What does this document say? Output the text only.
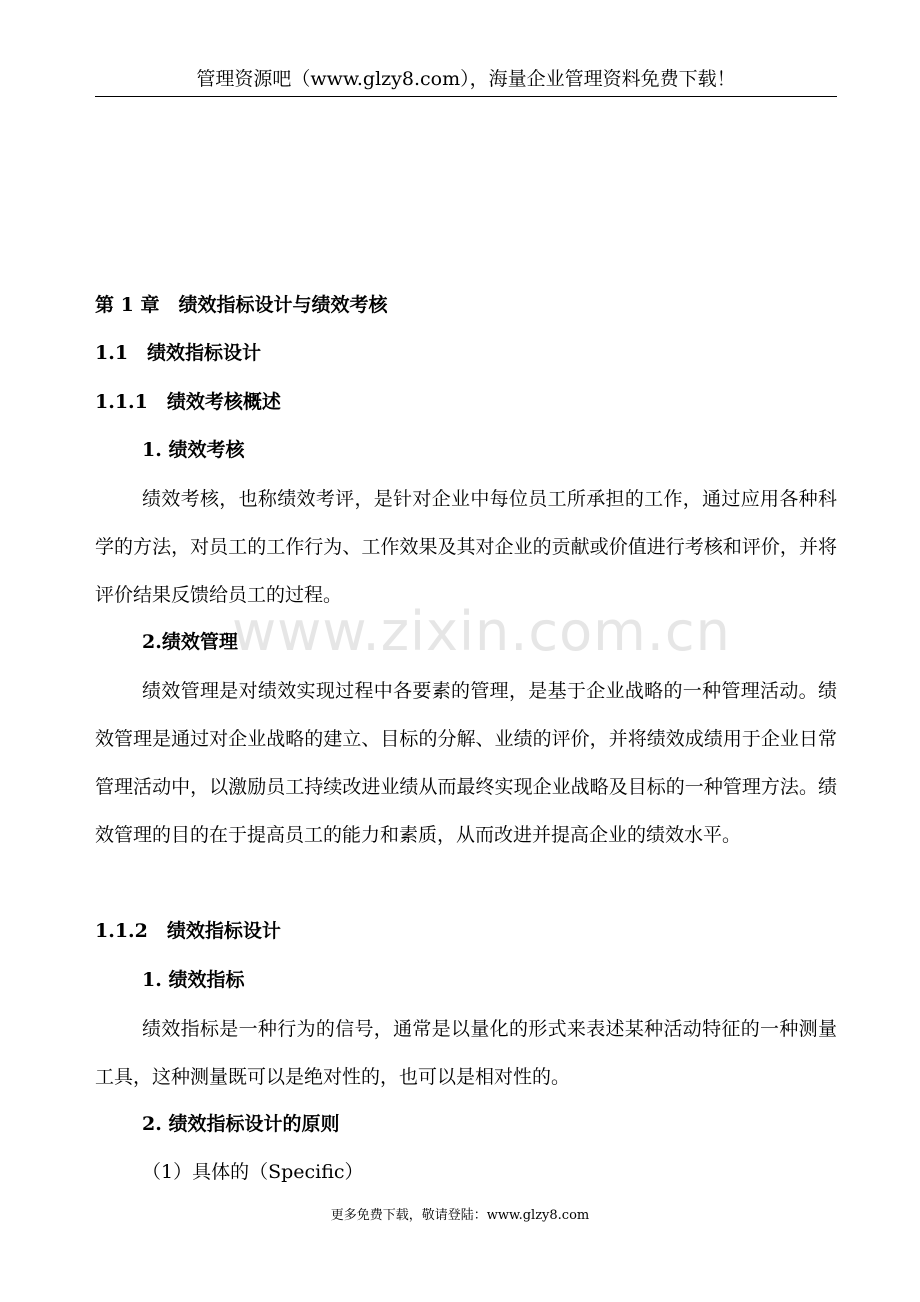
管理资源吧（www.glzy8.com），海量企业管理资料免费下载！
www.zixin.com.cn
第 1 章　绩效指标设计与绩效考核
1.1　绩效指标设计
1.1.1　绩效考核概述
1. 绩效考核
绩效考核，也称绩效考评，是针对企业中每位员工所承担的工作，通过应用各种科学的方法，对员工的工作行为、工作效果及其对企业的贡献或价值进行考核和评价，并将评价结果反馈给员工的过程。
2.绩效管理
绩效管理是对绩效实现过程中各要素的管理，是基于企业战略的一种管理活动。绩效管理是通过对企业战略的建立、目标的分解、业绩的评价，并将绩效成绩用于企业日常管理活动中，以激励员工持续改进业绩从而最终实现企业战略及目标的一种管理方法。绩效管理的目的在于提高员工的能力和素质，从而改进并提高企业的绩效水平。
1.1.2　绩效指标设计
1. 绩效指标
绩效指标是一种行为的信号，通常是以量化的形式来表述某种活动特征的一种测量工具，这种测量既可以是绝对性的，也可以是相对性的。
2. 绩效指标设计的原则
（1）具体的（Specific）
更多免费下载，敬请登陆：www.glzy8.com
